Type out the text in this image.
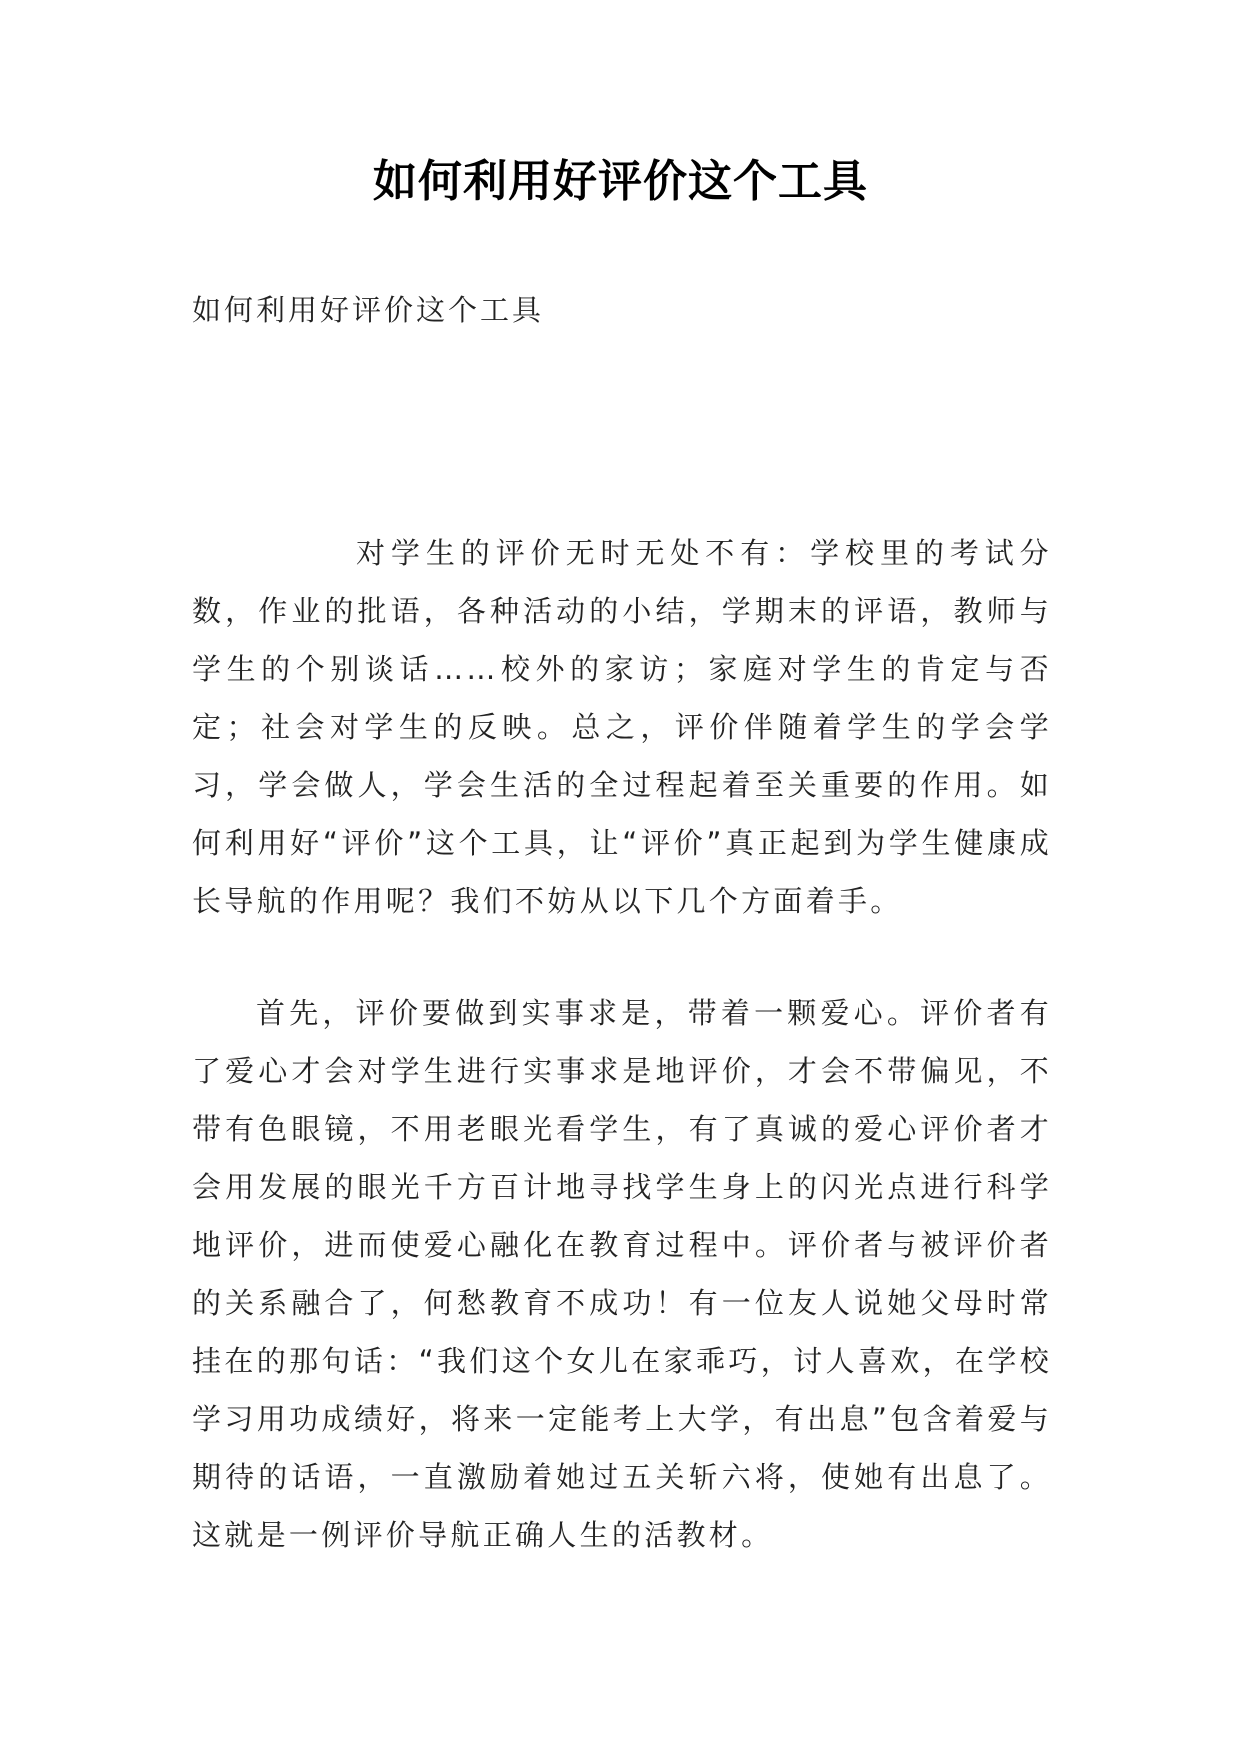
如何利用好评价这个工具
如何利用好评价这个工具

对学生的评价无时无处不有：学校里的考试分数，作业的批语，各种活动的小结，学期末的评语，教师与学生的个别谈话……校外的家访；家庭对学生的肯定与否定；社会对学生的反映。总之，评价伴随着学生的学会学习，学会做人，学会生活的全过程起着至关重要的作用。如何利用好“评价”这个工具，让“评价”真正起到为学生健康成长导航的作用呢？我们不妨从以下几个方面着手。

首先，评价要做到实事求是，带着一颗爱心。评价者有了爱心才会对学生进行实事求是地评价，才会不带偏见，不带有色眼镜，不用老眼光看学生，有了真诚的爱心评价者才会用发展的眼光千方百计地寻找学生身上的闪光点进行科学地评价，进而使爱心融化在教育过程中。评价者与被评价者的关系融合了，何愁教育不成功！有一位友人说她父母时常挂在的那句话：“我们这个女儿在家乖巧，讨人喜欢，在学校学习用功成绩好，将来一定能考上大学，有出息”包含着爱与期待的话语，一直激励着她过五关斩六将，使她有出息了。这就是一例评价导航正确人生的活教材。
